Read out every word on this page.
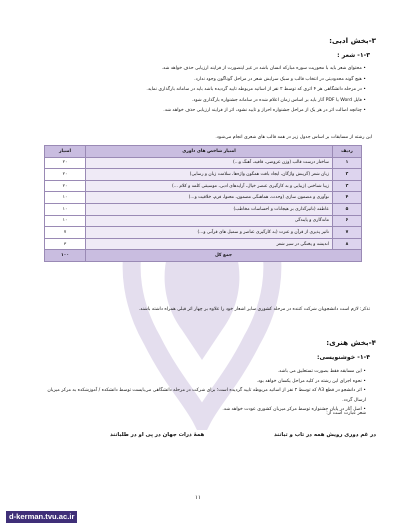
۳-بخش ادبی:
۱-۳- شعر :
• محتوای شعر باید با محوریت سوره مبارکه انسان باشد در غیر اینصورت از فرایند ارزیابی حذف خواهد شد.
• هیچ گونه محدودیتی در انتخاب قالب و سبک سرایش شعر در مراحل گوناگون وجود ندارد.
• در مرحله دانشگاهی هر ۴ اثری که توسط ۲ نفر از اساتید مربوطه تایید گردیده باشد باید در سامانه بارگذاری نماید.
• فایل Word یا PDF آثار باید بر اساس زمان اعلام شده در سامانه جشنواره بارگذاری شود.
• چنانچه اصالت اثر در هر یک از مراحل جشنواره احراز و تایید نشود، اثر از فرایند ارزیابی حذف خواهد شد.
این رشته از مسابقات بر اساس جدول زیر در همه قالب های شعری انجام می‌شود.
ردیف	امتیاز شاخص های داوری	امتیاز
۱	ساختار درست قالب (وزن عروضی، قافیه، آهنگ و...)	۲۰
۲	زبان شعر (گزینش واژگان، ایجاد بافت همگون واژه‌ها، سلامت زبان و رسایی)	۲۰
۳	زیبا شناختی (زیبایی و به کارگیری عنصر خیال، آرایه‌های ادبی، موسیقی کلمه و کلام ...)	۲۰
۴	نوآوری و مضمون سازی (وحدت، هماهنگی مضمون، محتوا، فرم، خلاقیت و...)	۱۰
۵	عاطفه (تاثیرگذاری بر هیجانات و احساسات مخاطب)	۱۰
۶	ماندگاری و پایندگی	۱۰
۷	تاثیر پذیری از قرآن و عترت (به کارگیری عناصر و سمبل های قرآنی و...)	۷
۸	اندیشه و پختگی در سیر شعر	۳
جمع کل		۱۰۰
تذکر: لازم است دانشجویان شرکت کننده در مرحله کشوری سایر اشعار خود را علاوه بر چهار اثر قبلی همراه داشته باشند.
۴-بخش هنری:
۱-۴- خوشنویسی:
• این مسابقه فقط بصورت تستعلیق می باشد.
• نحوه اجرای این رشته در کلیه مراحل یکسان خواهد بود.
• اثر دانشجو در قطع A3 که توسط ۲ نفر از اساتید مربوطه تایید گردیده است؛ برای شرکت در مرحله دانشگاهی می‌بایست توسط دانشکده / آموزشکده به مرکز میزبان ارسال گردد.
• اصل آثار در پایان جشنواره توسط مرکز میزبان کشوری عودت خواهد شد.
شعر عبارت است از:
در غم دوری رویش همه در تاب و تبانند
همهٔ ذرات جهان در پی او در طلبانند
۱۱
d-kerman.tvu.ac.ir
